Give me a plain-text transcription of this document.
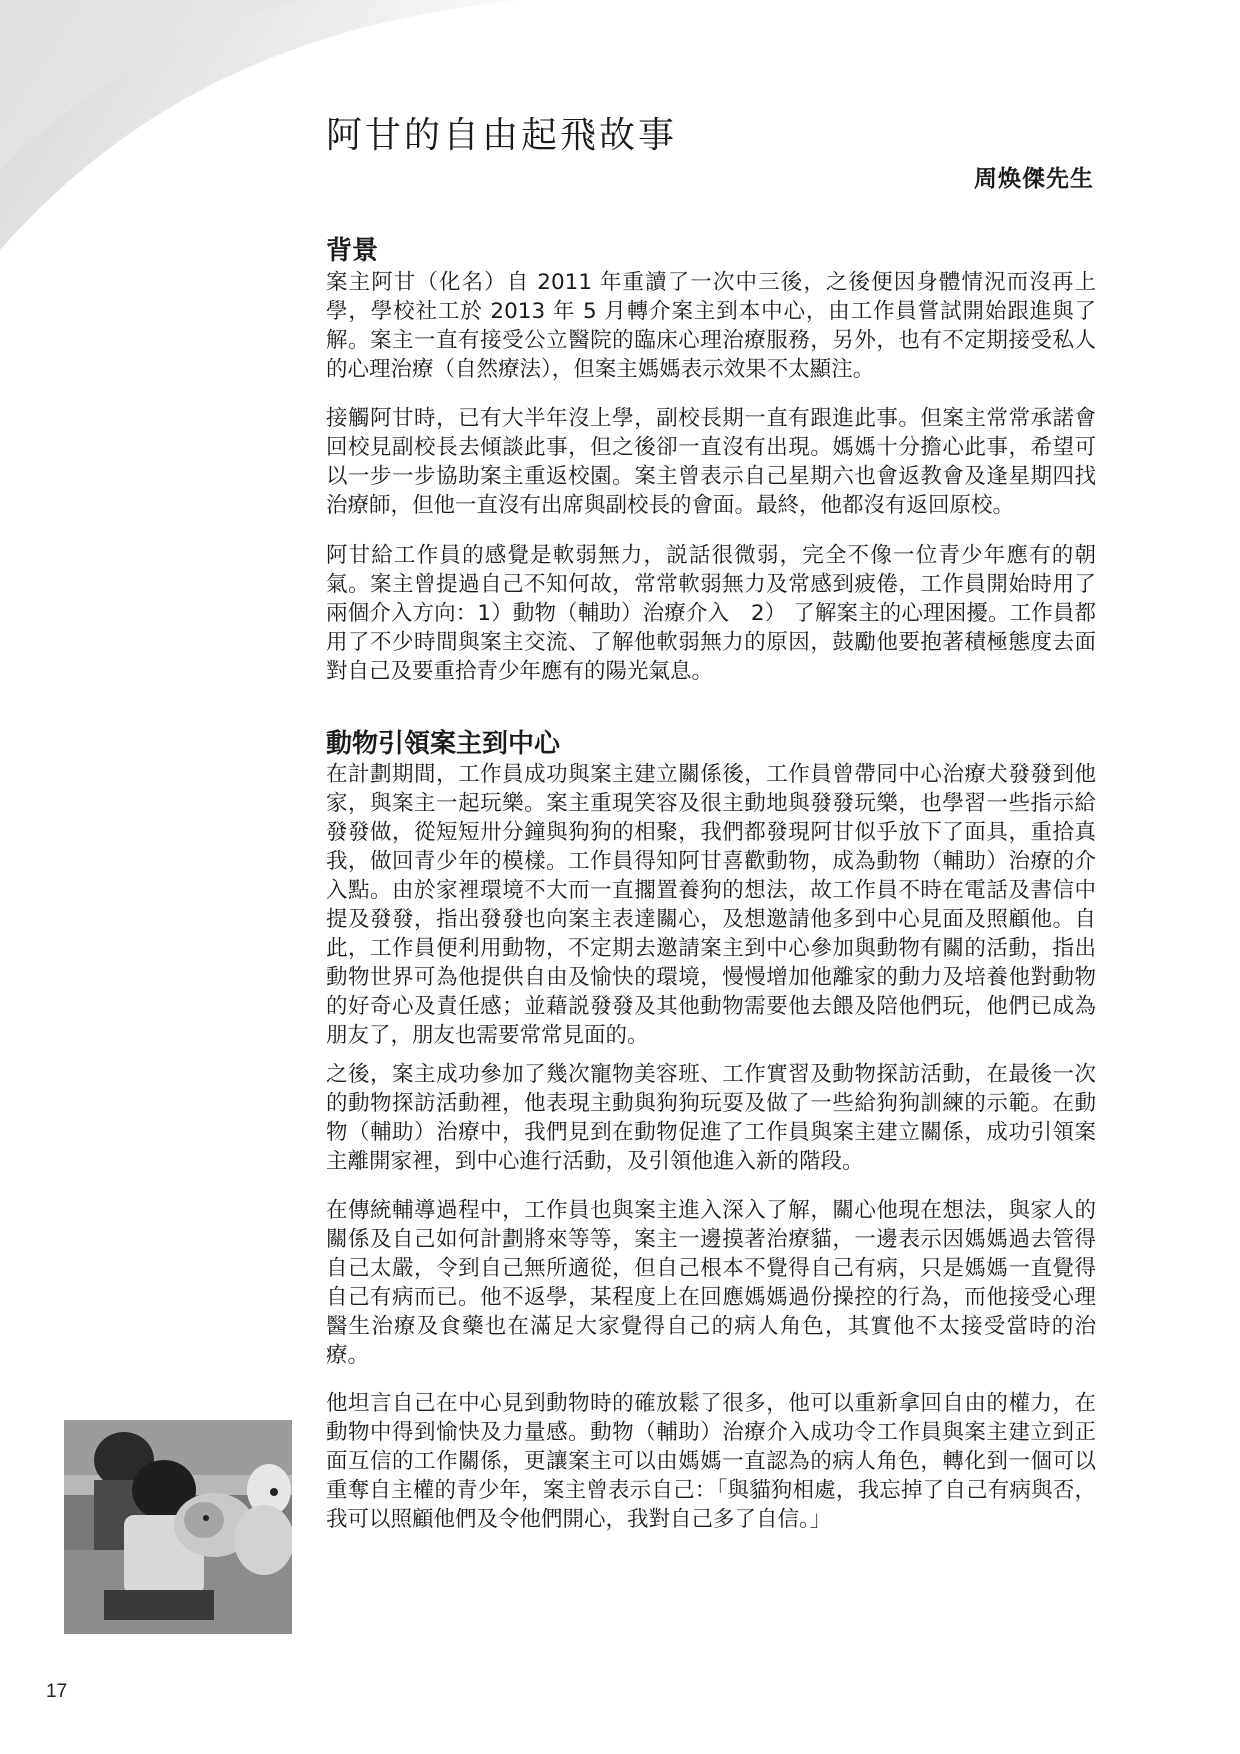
阿甘的自由起飛故事
周焕傑先生
背景

案主阿甘（化名）自 2011 年重讀了一次中三後，之後便因身體情況而沒再上學，學校社工於 2013 年 5 月轉介案主到本中心，由工作員嘗試開始跟進與了解。案主一直有接受公立醫院的臨床心理治療服務，另外，也有不定期接受私人的心理治療（自然療法），但案主媽媽表示效果不太顯注。

接觸阿甘時，已有大半年沒上學，副校長期一直有跟進此事。但案主常常承諾會回校見副校長去傾談此事，但之後卻一直沒有出現。媽媽十分擔心此事，希望可以一步一步協助案主重返校園。案主曾表示自己星期六也會返教會及逢星期四找治療師，但他一直沒有出席與副校長的會面。最終，他都沒有返回原校。

阿甘給工作員的感覺是軟弱無力，説話很微弱，完全不像一位青少年應有的朝氣。案主曾提過自己不知何故，常常軟弱無力及常感到疲倦，工作員開始時用了兩個介入方向：1）動物（輔助）治療介入　2） 了解案主的心理困擾。工作員都用了不少時間與案主交流、了解他軟弱無力的原因，鼓勵他要抱著積極態度去面對自己及要重拾青少年應有的陽光氣息。

動物引領案主到中心

在計劃期間，工作員成功與案主建立關係後，工作員曾帶同中心治療犬發發到他家，與案主一起玩樂。案主重現笑容及很主動地與發發玩樂，也學習一些指示給發發做，從短短卅分鐘與狗狗的相聚，我們都發現阿甘似乎放下了面具，重拾真我，做回青少年的模樣。工作員得知阿甘喜歡動物，成為動物（輔助）治療的介入點。由於家裡環境不大而一直擱置養狗的想法，故工作員不時在電話及書信中提及發發，指出發發也向案主表達關心，及想邀請他多到中心見面及照顧他。自此，工作員便利用動物，不定期去邀請案主到中心參加與動物有關的活動，指出動物世界可為他提供自由及愉快的環境，慢慢增加他離家的動力及培養他對動物的好奇心及責任感；並藉説發發及其他動物需要他去餵及陪他們玩，他們已成為朋友了，朋友也需要常常見面的。

之後，案主成功參加了幾次寵物美容班、工作實習及動物探訪活動，在最後一次的動物探訪活動裡，他表現主動與狗狗玩耍及做了一些給狗狗訓練的示範。在動物（輔助）治療中，我們見到在動物促進了工作員與案主建立關係，成功引領案主離開家裡，到中心進行活動，及引領他進入新的階段。

在傳統輔導過程中，工作員也與案主進入深入了解，關心他現在想法，與家人的關係及自己如何計劃將來等等，案主一邊摸著治療貓，一邊表示因媽媽過去管得自己太嚴，令到自己無所適從，但自己根本不覺得自己有病，只是媽媽一直覺得自己有病而已。他不返學，某程度上在回應媽媽過份操控的行為，而他接受心理醫生治療及食藥也在滿足大家覺得自己的病人角色，其實他不太接受當時的治療。

他坦言自己在中心見到動物時的確放鬆了很多，他可以重新拿回自由的權力，在動物中得到愉快及力量感。動物（輔助）治療介入成功令工作員與案主建立到正面互信的工作關係，更讓案主可以由媽媽一直認為的病人角色，轉化到一個可以重奪自主權的青少年，案主曾表示自己：「與貓狗相處，我忘掉了自己有病與否，我可以照顧他們及令他們開心，我對自己多了自信。」

17
